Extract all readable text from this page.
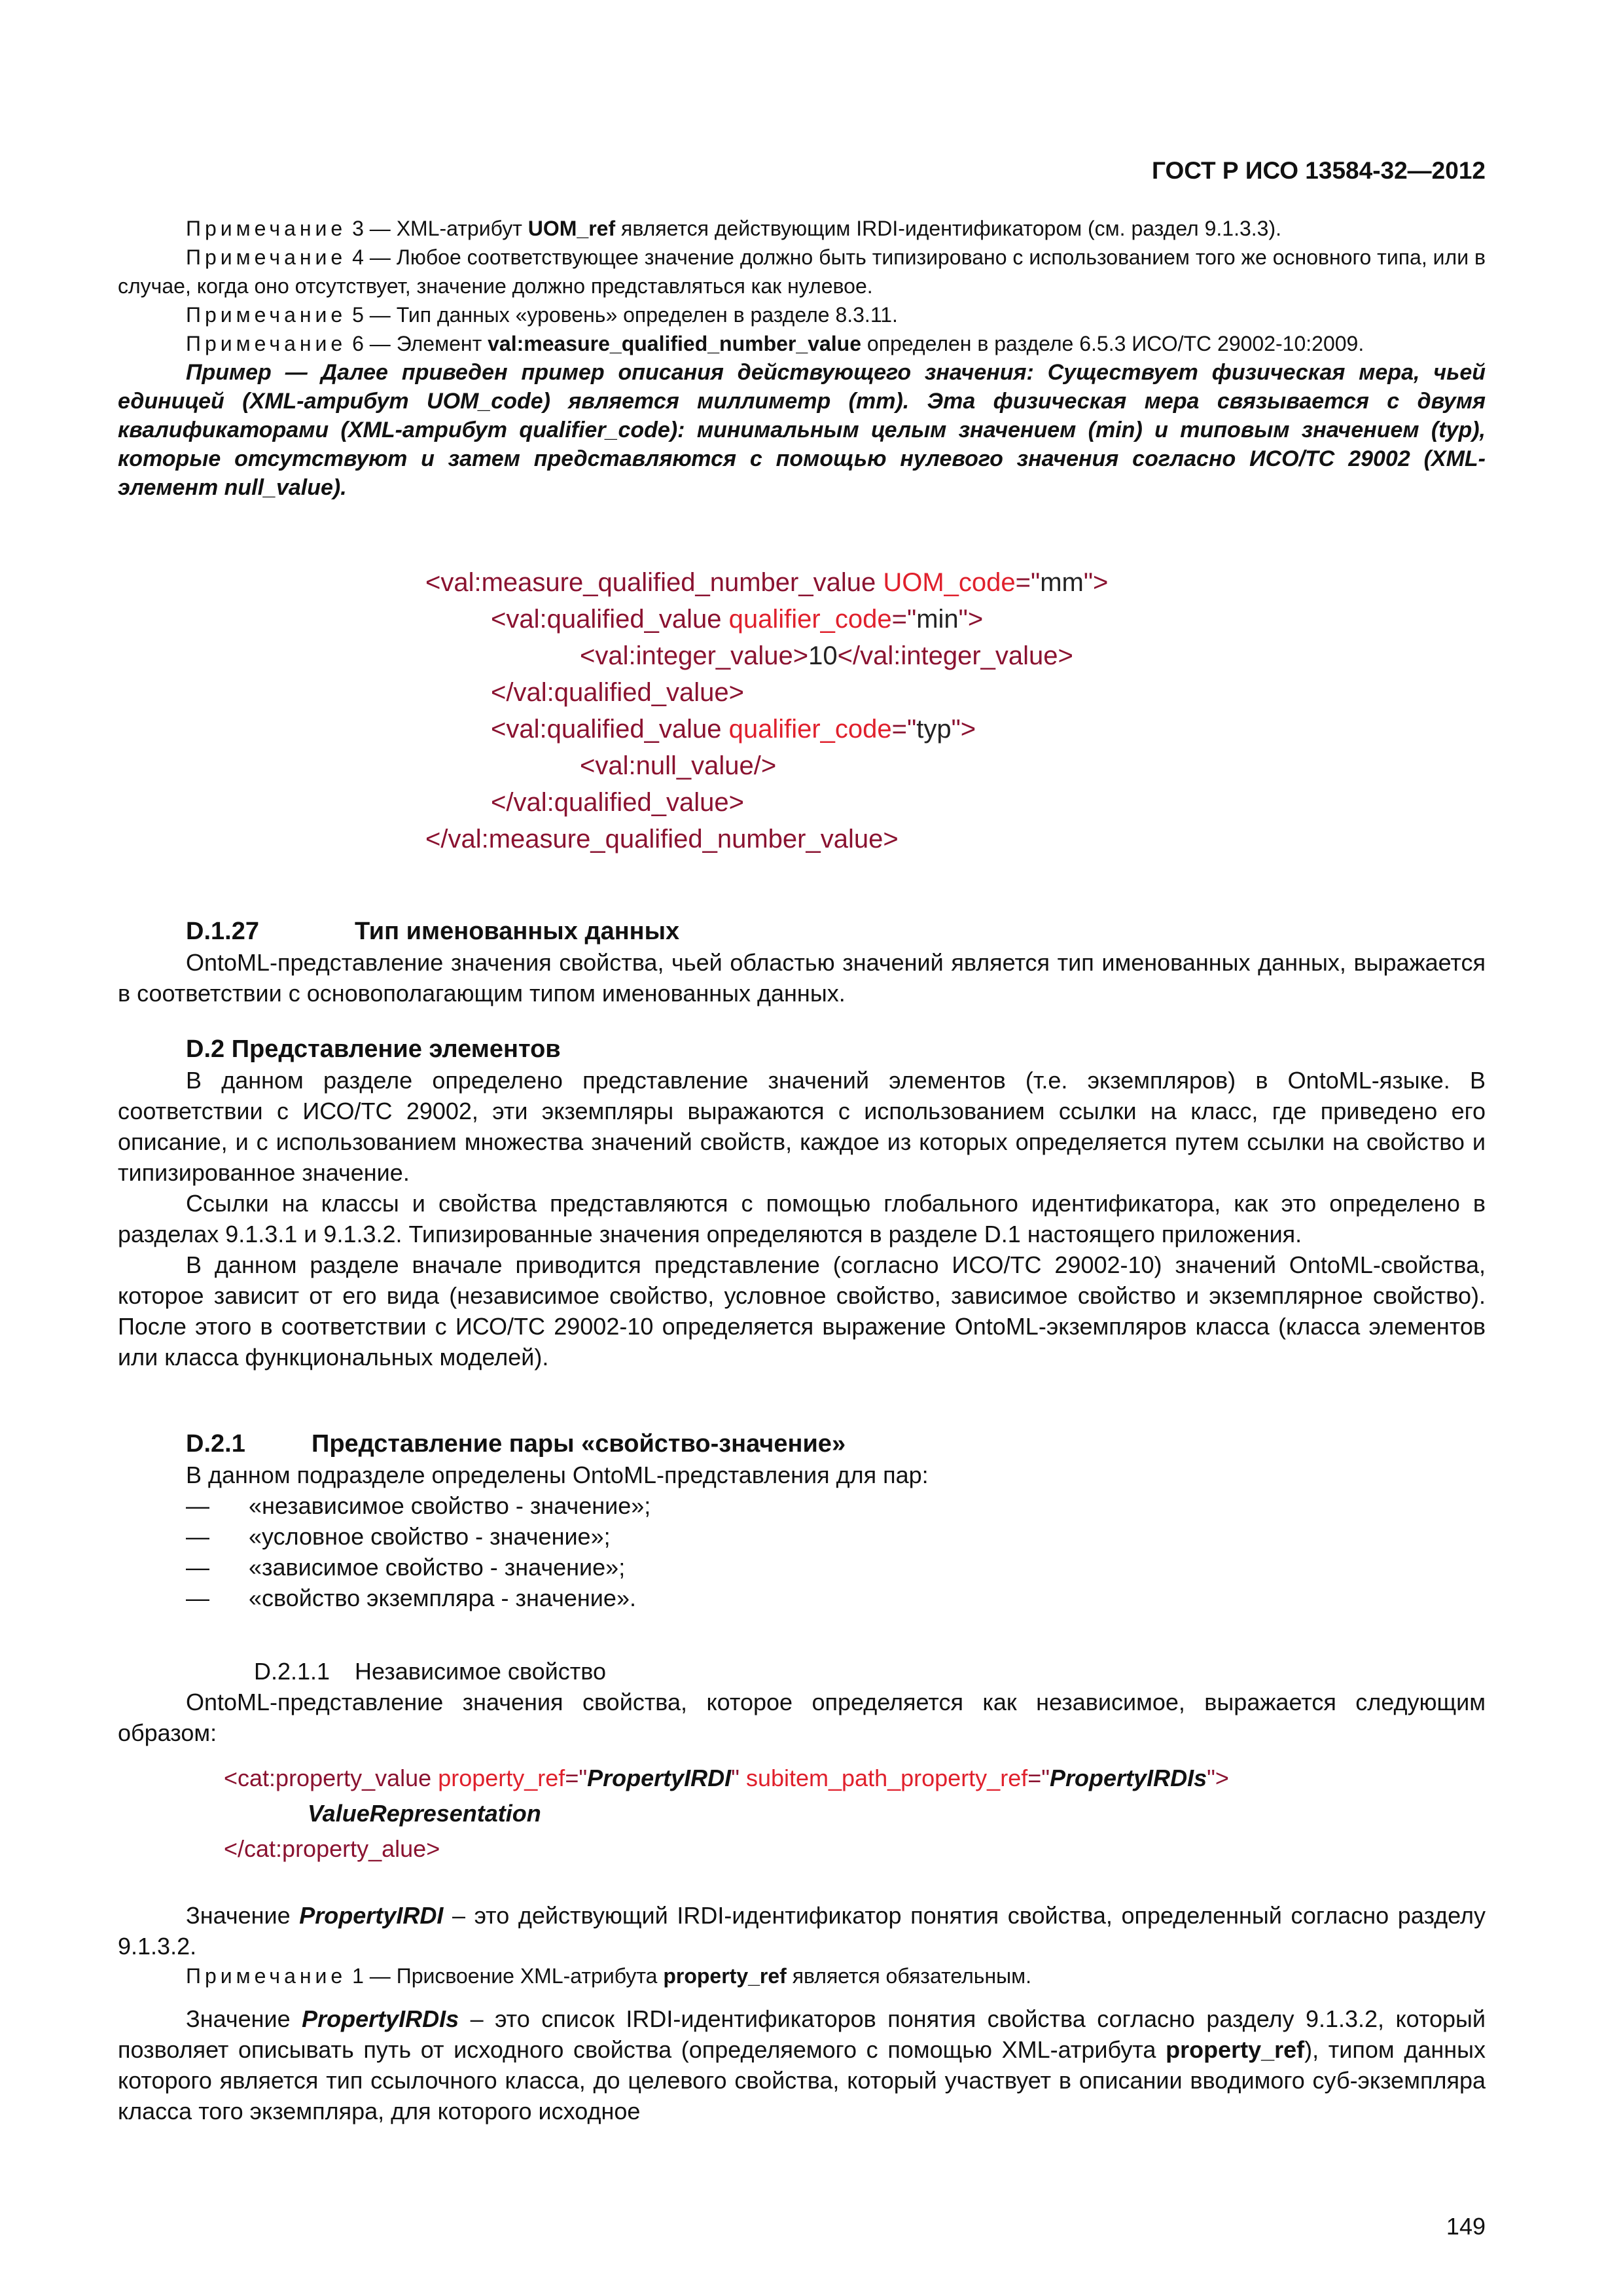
ГОСТ Р ИСО 13584-32—2012
Примечание 3 — XML-атрибут UOM_ref является действующим IRDI-идентификатором (см. раздел 9.1.3.3).
Примечание 4 — Любое соответствующее значение должно быть типизировано с использованием того же основного типа, или в случае, когда оно отсутствует, значение должно представляться как нулевое.
Примечание 5 — Тип данных «уровень» определен в разделе 8.3.11.
Примечание 6 — Элемент val:measure_qualified_number_value определен в разделе 6.5.3 ИСО/ТС 29002-10:2009.
Пример — Далее приведен пример описания действующего значения: Существует физическая мера, чьей единицей (XML-атрибут UOM_code) является миллиметр (mm). Эта физическая мера связывается с двумя квалификаторами (XML-атрибут qualifier_code): минимальным целым значением (min) и типовым значением (typ), которые отсутствуют и затем представляются с помощью нулевого значения согласно ИСО/ТС 29002 (XML-элемент null_value).
<val:measure_qualified_number_value UOM_code="mm">
<val:qualified_value qualifier_code="min">
<val:integer_value>10</val:integer_value>
</val:qualified_value>
<val:qualified_value qualifier_code="typ">
<val:null_value/>
</val:qualified_value>
</val:measure_qualified_number_value>
D.1.27	Тип именованных данных
OntoML-представление значения свойства, чьей областью значений является тип именованных данных, выражается в соответствии с основополагающим типом именованных данных.
D.2 Представление элементов
В данном разделе определено представление значений элементов (т.е. экземпляров) в OntoML-языке. В соответствии с ИСО/ТС 29002, эти экземпляры выражаются с использованием ссылки на класс, где приведено его описание, и с использованием множества значений свойств, каждое из которых определяется путем ссылки на свойство и типизированное значение.
Ссылки на классы и свойства представляются с помощью глобального идентификатора, как это определено в разделах 9.1.3.1 и 9.1.3.2. Типизированные значения определяются в разделе D.1 настоящего приложения.
В данном разделе вначале приводится представление (согласно ИСО/ТС 29002-10) значений OntoML-свойства, которое зависит от его вида (независимое свойство, условное свойство, зависимое свойство и экземплярное свойство). После этого в соответствии с ИСО/ТС 29002-10 определяется выражение OntoML-экземпляров класса (класса элементов или класса функциональных моделей).
D.2.1	Представление пары «свойство-значение»
В данном подразделе определены OntoML-представления для пар:
—	«независимое свойство - значение»;
—	«условное свойство - значение»;
—	«зависимое свойство - значение»;
—	«свойство экземпляра - значение».
D.2.1.1 Независимое свойство
OntoML-представление значения свойства, которое определяется как независимое, выражается следующим образом:
<cat:property_value property_ref="PropertyIRDI" subitem_path_property_ref="PropertyIRDIs">
ValueRepresentation
</cat:property_alue>
Значение PropertyIRDI – это действующий IRDI-идентификатор понятия свойства, определенный согласно разделу 9.1.3.2.
Примечание 1 — Присвоение XML-атрибута property_ref является обязательным.
Значение PropertyIRDIs – это список IRDI-идентификаторов понятия свойства согласно разделу 9.1.3.2, который позволяет описывать путь от исходного свойства (определяемого с помощью XML-атрибута property_ref), типом данных которого является тип ссылочного класса, до целевого свойства, который участвует в описании вводимого суб-экземпляра класса того экземпляра, для которого исходное
149
